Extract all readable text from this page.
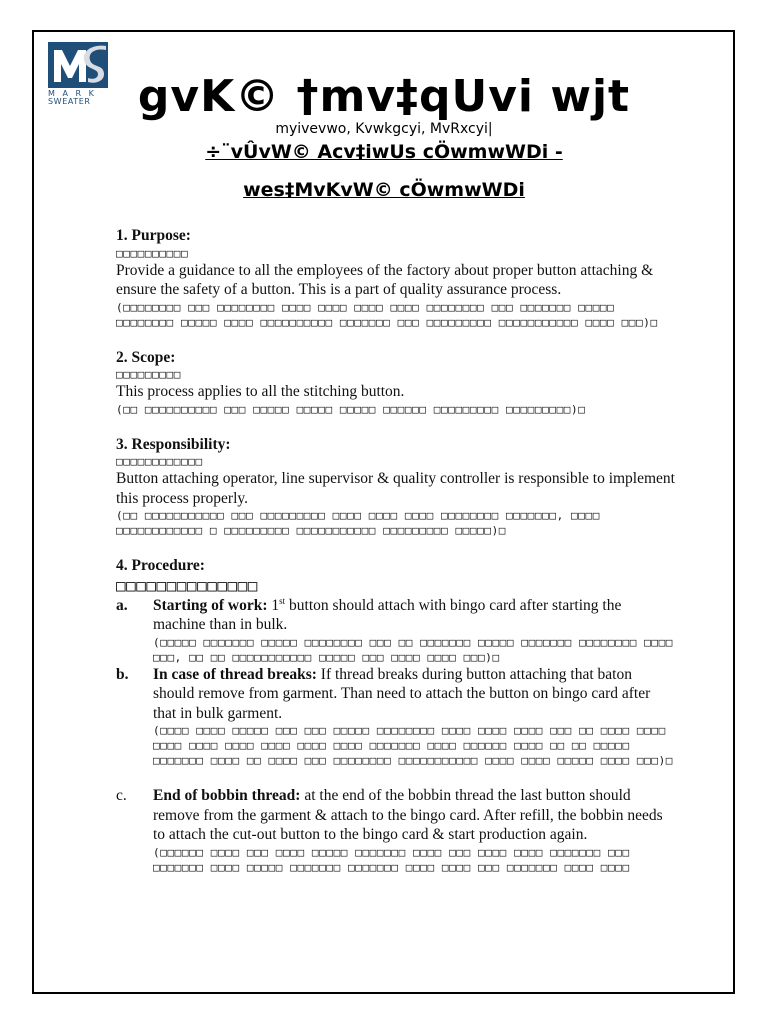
M A R K
SWEATER	gvK© †mv‡qUvi wjt
myivevwo, Kvwkgcyi, MvRxcyi|
÷¨vÛvW© Acv‡iwUs cÖwmwWDi -
wes‡MvKvW© cÖwmwWDi

1. Purpose:

□□□□□□□□□□

Provide a guidance to all the employees of the factory about proper button attaching & ensure the safety of a button. This is a part of quality assurance process.

(□□□□□□□□ □□□ □□□□□□□□ □□□□ □□□□ □□□□ □□□□ □□□□□□□□ □□□ □□□□□□□ □□□□□ □□□□□□□□ □□□□□ □□□□ □□□□□□□□□□ □□□□□□□ □□□ □□□□□□□□□ □□□□□□□□□□□ □□□□ □□□)□

2. Scope:

□□□□□□□□□

This process applies to all the stitching button.

(□□ □□□□□□□□□□ □□□ □□□□□ □□□□□ □□□□□ □□□□□□ □□□□□□□□□ □□□□□□□□□)□

3. Responsibility:

□□□□□□□□□□□□

Button attaching operator, line supervisor & quality controller is responsible to implement this process properly.

(□□ □□□□□□□□□□□ □□□ □□□□□□□□□ □□□□ □□□□ □□□□ □□□□□□□□ □□□□□□□, □□□□ □□□□□□□□□□□□ □ □□□□□□□□□ □□□□□□□□□□□ □□□□□□□□□ □□□□□)□

4. Procedure:

□□□□□□□□□□□□□□

a. Starting of work: 1st button should attach with bingo card after starting the machine than in bulk.

(□□□□□ □□□□□□□ □□□□□ □□□□□□□□ □□□ □□ □□□□□□□ □□□□□ □□□□□□□ □□□□□□□□ □□□□ □□□, □□ □□ □□□□□□□□□□□ □□□□□ □□□ □□□□ □□□□ □□□)□

b. In case of thread breaks: If thread breaks during button attaching that baton should remove from garment. Than need to attach the button on bingo card after that in bulk garment.

(□□□□ □□□□ □□□□□ □□□ □□□ □□□□□ □□□□□□□□ □□□□ □□□□ □□□□ □□□ □□ □□□□ □□□□ □□□□ □□□□ □□□□ □□□□ □□□□ □□□□ □□□□□□□ □□□□ □□□□□□ □□□□ □□ □□ □□□□□ □□□□□□□ □□□□ □□ □□□□ □□□ □□□□□□□□ □□□□□□□□□□□ □□□□ □□□□ □□□□□ □□□□ □□□)□

c. End of bobbin thread: at the end of the bobbin thread the last button should remove from the garment & attach to the bingo card. After refill, the bobbin needs to attach the cut-out button to the bingo card & start production again.

(□□□□□□ □□□□ □□□ □□□□ □□□□□ □□□□□□□ □□□□ □□□ □□□□ □□□□ □□□□□□□ □□□ □□□□□□□ □□□□ □□□□□ □□□□□□□ □□□□□□□ □□□□ □□□□ □□□ □□□□□□□ □□□□ □□□□
